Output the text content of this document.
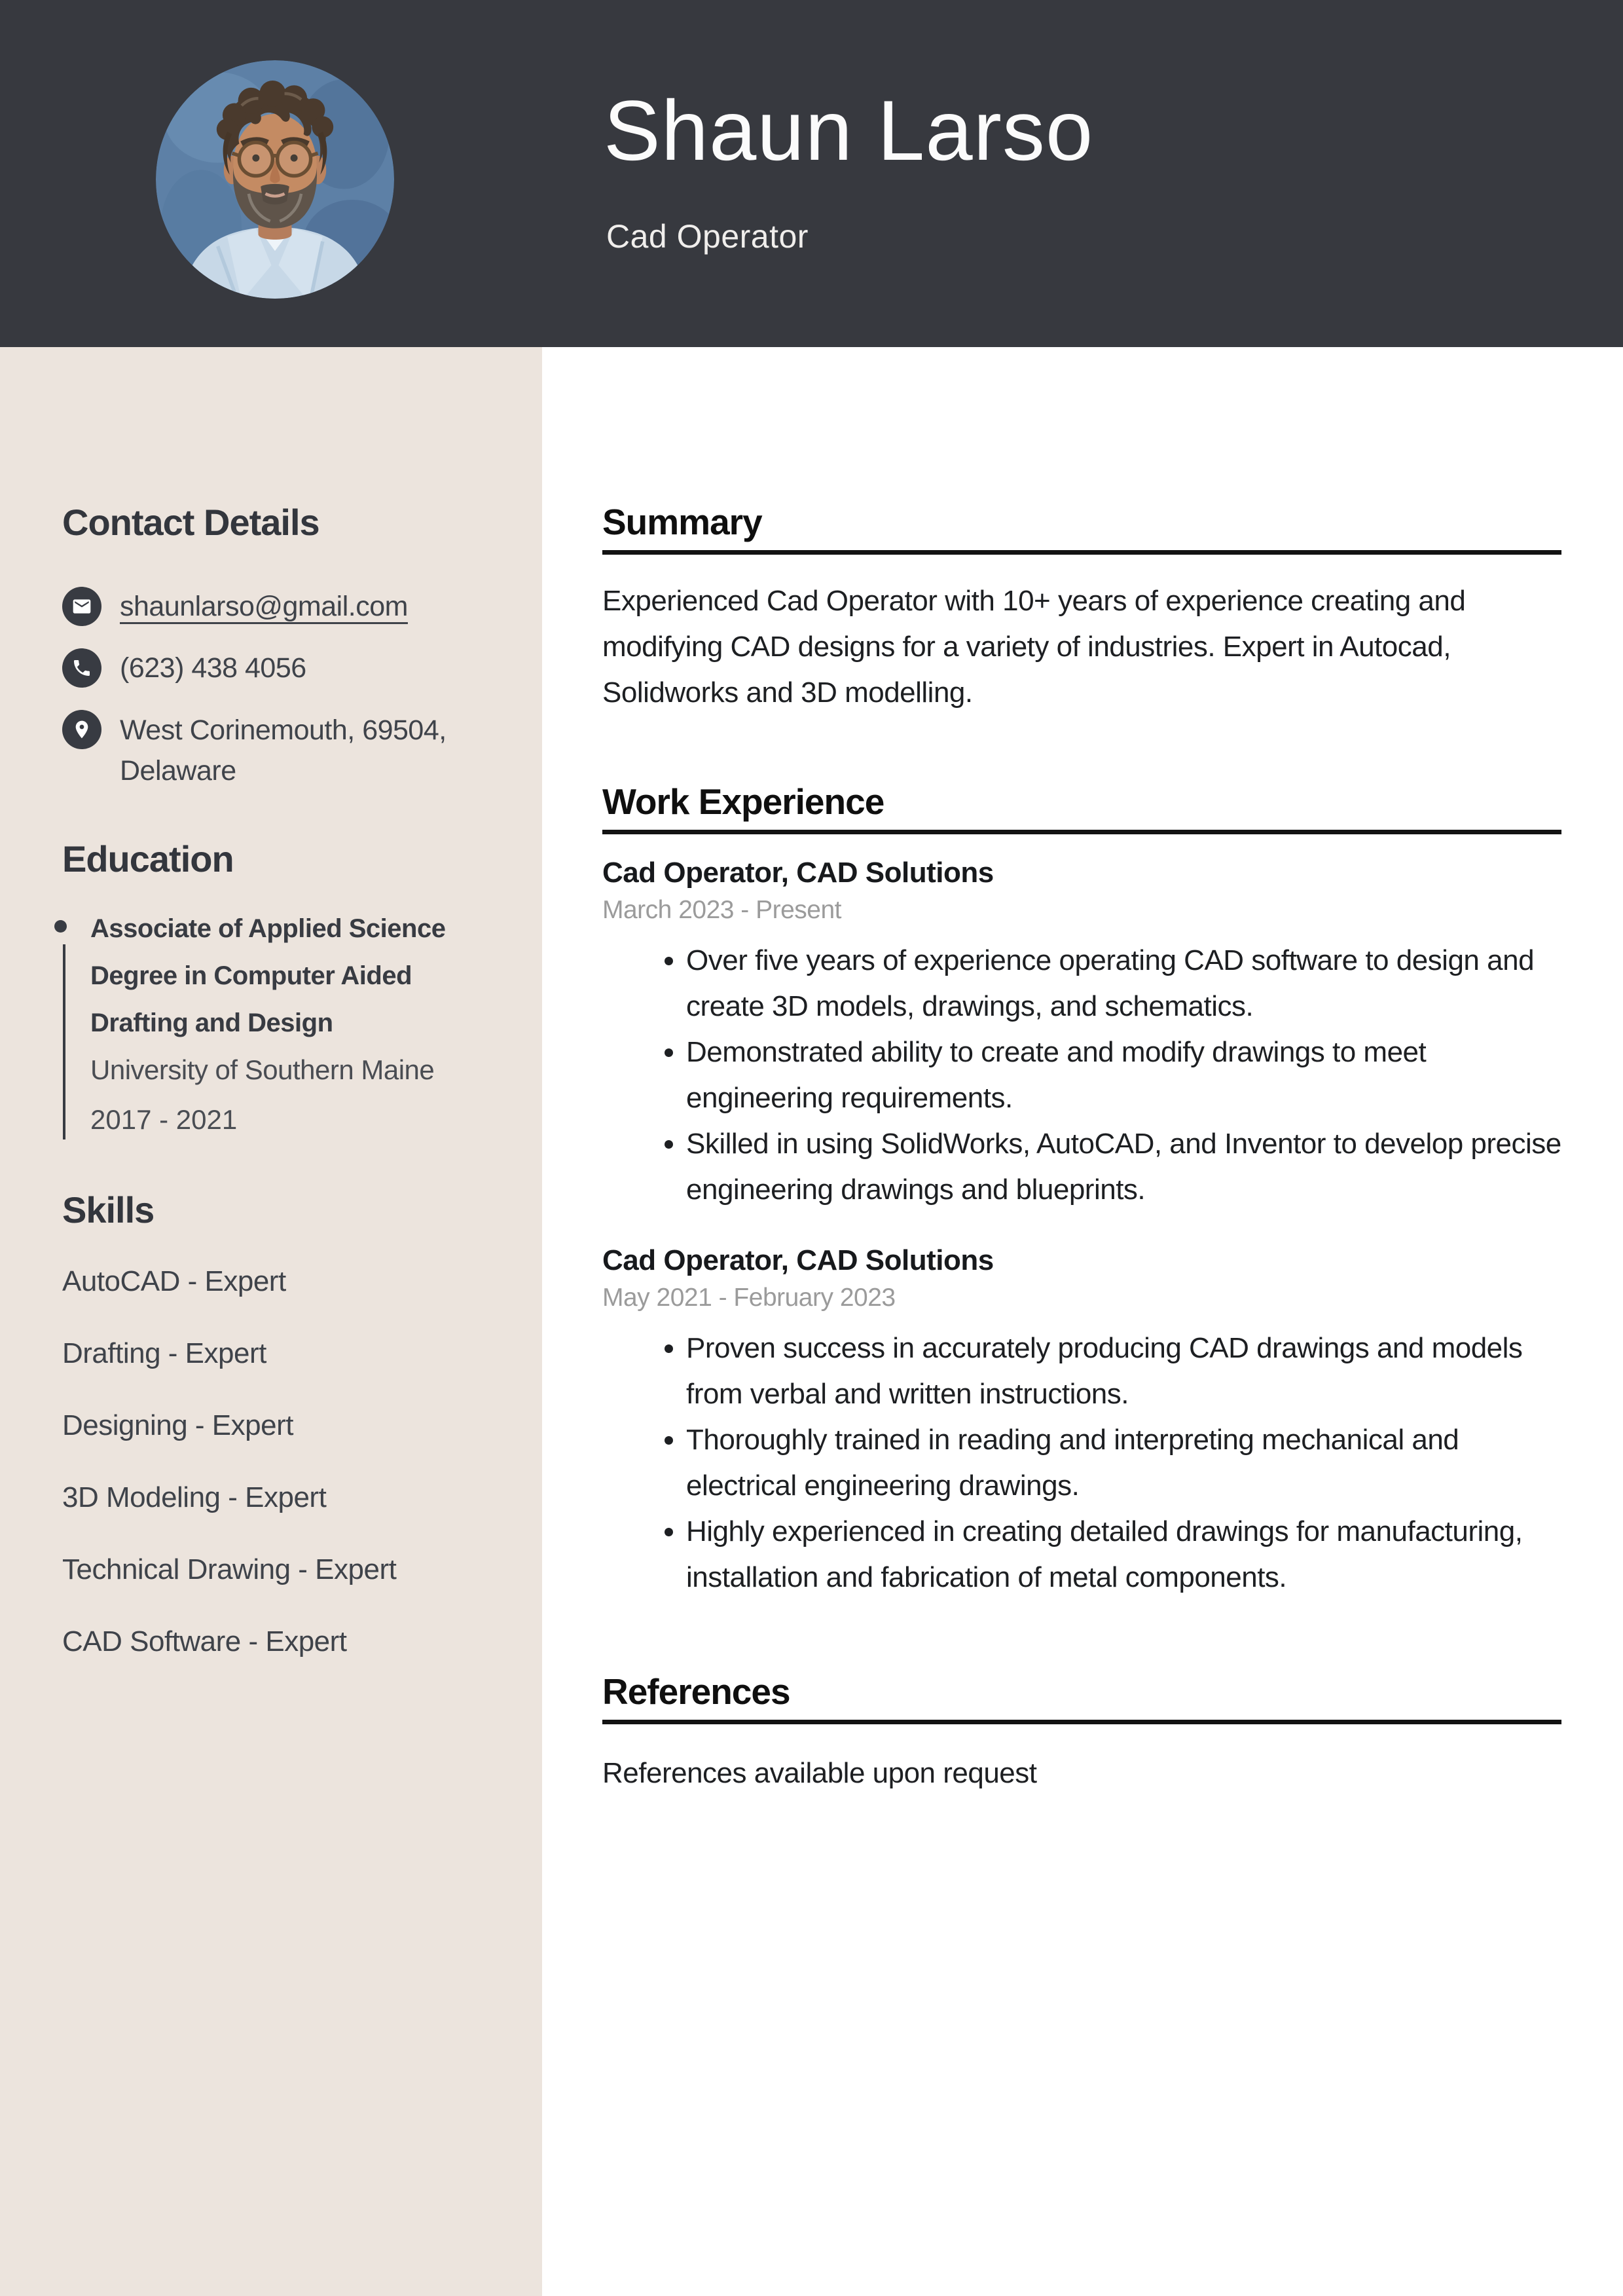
Shaun Larso
Cad Operator
Contact Details
shaunlarso@gmail.com
(623) 438 4056
West Corinemouth, 69504, Delaware
Education
Associate of Applied Science Degree in Computer Aided Drafting and Design
University of Southern Maine
2017 - 2021
Skills
AutoCAD - Expert
Drafting - Expert
Designing - Expert
3D Modeling - Expert
Technical Drawing - Expert
CAD Software - Expert
Summary

Experienced Cad Operator with 10+ years of experience creating and modifying CAD designs for a variety of industries. Expert in Autocad, Solidworks and 3D modelling.

Work Experience
Cad Operator, CAD Solutions
March 2023 - Present
• Over five years of experience operating CAD software to design and create 3D models, drawings, and schematics.
• Demonstrated ability to create and modify drawings to meet engineering requirements.
• Skilled in using SolidWorks, AutoCAD, and Inventor to develop precise engineering drawings and blueprints.
Cad Operator, CAD Solutions
May 2021 - February 2023
• Proven success in accurately producing CAD drawings and models from verbal and written instructions.
• Thoroughly trained in reading and interpreting mechanical and electrical engineering drawings.
• Highly experienced in creating detailed drawings for manufacturing, installation and fabrication of metal components.
References

References available upon request
